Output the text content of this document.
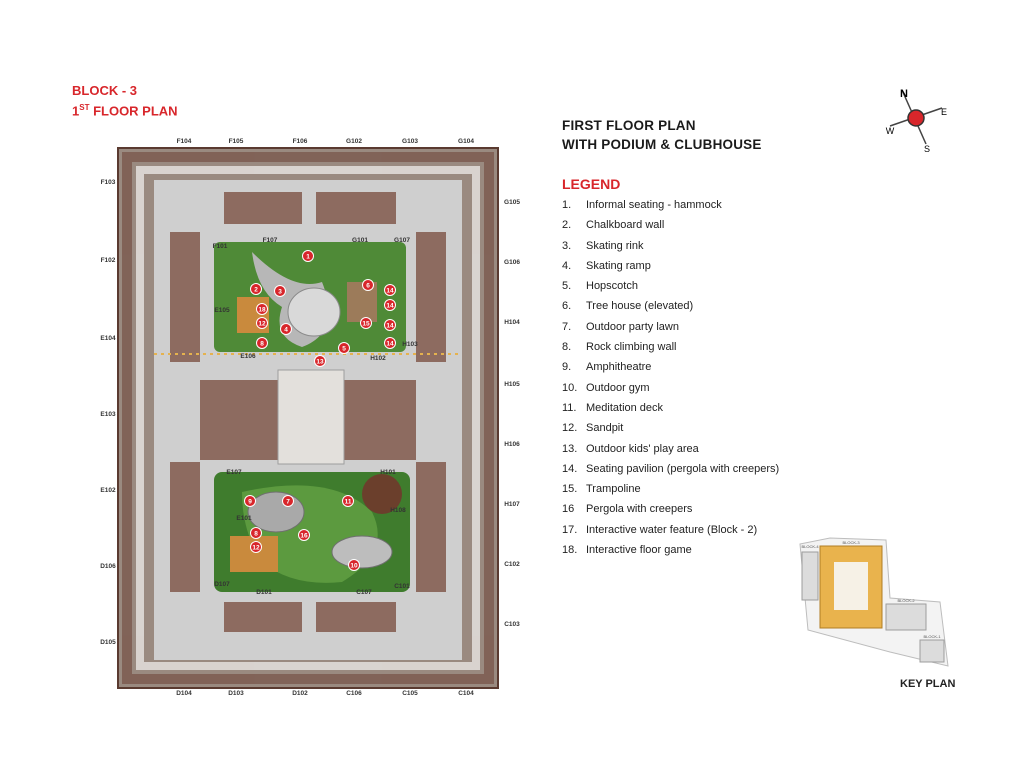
BLOCK - 3
1ST FLOOR PLAN
F104	F105	F106	G102	G103	G104
D104	D103	D102	C106	C105	C104
F103
F102
E104
E103
E102
D106
D105
G105
G106
H104
H105
H106
H107
C102
C103
F107
F101
G101	G107
E105
E106	H102
H103
E107	H101
E101
H108
D107
D101	C107
C101
1
2	3
4
5
6
8
12
13
14
14
14
14
15
18
9	7	11
8
12
16
10
FIRST FLOOR PLAN
WITH PODIUM & CLUBHOUSE
LEGEND
1.	Informal seating - hammock
2.	Chalkboard wall
3.	Skating rink
4.	Skating ramp
5.	Hopscotch
6.	Tree house (elevated)
7.	Outdoor party lawn
8.	Rock climbing wall
9.	Amphitheatre
10. Outdoor gym
11. Meditation deck
12. Sandpit
13. Outdoor kids' play area
14. Seating pavilion (pergola with creepers)
15. Trampoline
16	Pergola with creepers
17. Interactive water feature (Block - 2)
18. Interactive floor game
N
E
S
W
BLOCK-4
BLOCK-3
BLOCK-2
BLOCK-1
KEY PLAN
